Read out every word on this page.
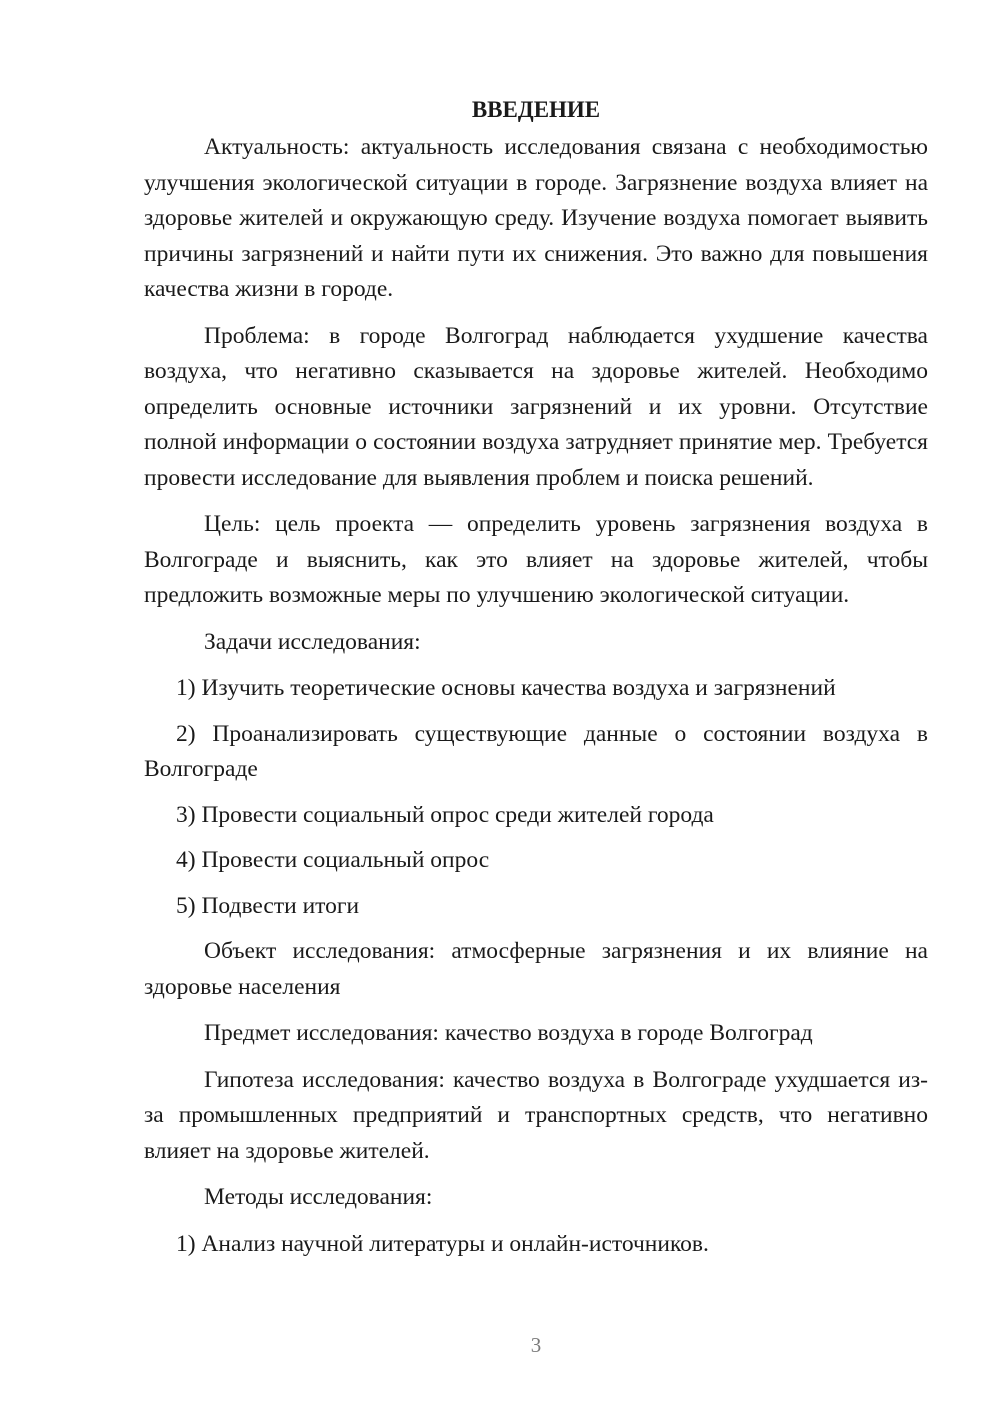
ВВЕДЕНИЕ
Актуальность: актуальность исследования связана с необходимостью улучшения экологической ситуации в городе. Загрязнение воздуха влияет на здоровье жителей и окружающую среду. Изучение воздуха помогает выявить причины загрязнений и найти пути их снижения. Это важно для повышения качества жизни в городе.
Проблема: в городе Волгоград наблюдается ухудшение качества воздуха, что негативно сказывается на здоровье жителей. Необходимо определить основные источники загрязнений и их уровни. Отсутствие полной информации о состоянии воздуха затрудняет принятие мер. Требуется провести исследование для выявления проблем и поиска решений.
Цель: цель проекта — определить уровень загрязнения воздуха в Волгограде и выяснить, как это влияет на здоровье жителей, чтобы предложить возможные меры по улучшению экологической ситуации.
Задачи исследования:
1) Изучить теоретические основы качества воздуха и загрязнений
2) Проанализировать существующие данные о состоянии воздуха в Волгограде
3) Провести социальный опрос среди жителей города
4) Провести социальный опрос
5) Подвести итоги
Объект исследования: атмосферные загрязнения и их влияние на здоровье населения
Предмет исследования: качество воздуха в городе Волгоград
Гипотеза исследования: качество воздуха в Волгограде ухудшается из-за промышленных предприятий и транспортных средств, что негативно влияет на здоровье жителей.
Методы исследования:
1) Анализ научной литературы и онлайн-источников.
3
